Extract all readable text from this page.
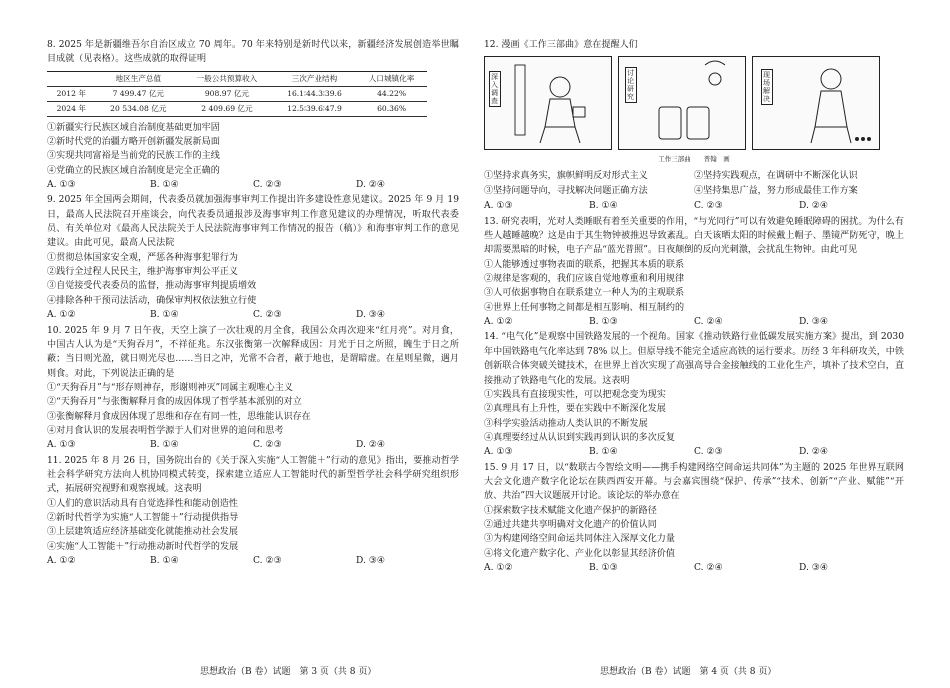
8. 2025 年是新疆维吾尔自治区成立 70 周年。70 年来特别是新时代以来，新疆经济发展创造举世瞩目成就（见表格）。这些成就的取得证明
	地区生产总值	一般公共预算收入	三次产业结构	人口城镇化率
2012 年	7 499.47 亿元	908.97 亿元	16.1∶44.3∶39.6	44.22%
2024 年	20 534.08 亿元	2 409.69 亿元	12.5∶39.6∶47.9	60.36%
①新疆实行民族区域自治制度基础更加牢固
②新时代党的治疆方略开创新疆发展新局面
③实现共同富裕是当前党的民族工作的主线
④党确立的民族区域自治制度是完全正确的
A. ①③	B. ①④	C. ②③	D. ②④
9. 2025 年全国两会期间，代表委员就加强海事审判工作提出许多建设性意见建议。2025 年 9 月 19 日，最高人民法院召开座谈会，向代表委员通报涉及海事审判工作意见建议的办理情况，听取代表委员、有关单位对《最高人民法院关于人民法院海事审判工作情况的报告（稿）》和海事审判工作的意见建议。由此可见，最高人民法院
①贯彻总体国家安全观，严惩各种海事犯罪行为
②践行全过程人民民主，维护海事审判公平正义
③自觉接受代表委员的监督，推动海事审判提质增效
④排除各种干预司法活动，确保审判权依法独立行使
A. ①②	B. ①④	C. ②③	D. ③④
10. 2025 年 9 月 7 日午夜，天空上演了一次壮观的月全食，我国公众再次迎来“红月亮”。对月食，中国古人认为是“天狗吞月”，不祥征兆。东汉张衡第一次解释成因：月光于日之所照，魄生于日之所蔽；当日则光盈，就日则光尽也……当日之冲，光常不合者，蔽于地也，是谓暗虚。在星则星微，遇月则食。对此，下列说法正确的是
①“天狗吞月”与“形存则神存，形谢则神灭”同属主观唯心主义
②“天狗吞月”与张衡解释月食的成因体现了哲学基本派别的对立
③张衡解释月食成因体现了思维和存在有同一性，思维能认识存在
④对月食认识的发展表明哲学源于人们对世界的追问和思考
A. ①③	B. ①④	C. ②③	D. ②④
11. 2025 年 8 月 26 日，国务院出台的《关于深入实施“人工智能＋”行动的意见》指出，要推动哲学社会科学研究方法向人机协同模式转变，探索建立适应人工智能时代的新型哲学社会科学研究组织形式，拓展研究视野和观察视域。这表明
①人们的意识活动具有自觉选择性和能动创造性
②新时代哲学为实施“人工智能＋”行动提供指导
③上层建筑适应经济基础变化就能推动社会发展
④实施“人工智能＋”行动推动新时代哲学的发展
A. ①②	B. ①④	C. ②③	D. ③④
12. 漫画《工作三部曲》意在提醒人们
深入调查
讨论研究
现场解决
工作三部曲　　普翰　画
①坚持求真务实，旗帜鲜明反对形式主义	②坚持实践观点，在调研中不断深化认识
③坚持问题导向，寻找解决问题正确方法	④坚持集思广益，努力形成最佳工作方案
A. ①③	B. ①④	C. ②③	D. ②④
13. 研究表明，光对人类睡眠有着至关重要的作用，“与光同行”可以有效避免睡眠障碍的困扰。为什么有些人越睡越晚？这是由于其生物钟被推迟导致紊乱。白天该晒太阳的时候戴上帽子、墨镜严防死守，晚上却需要黑暗的时候，电子产品“蓝光普照”。日夜颠倒的反向光刺激，会扰乱生物钟。由此可见
①人能够透过事物表面的联系，把握其本质的联系
②规律是客观的，我们应该自觉地尊重和利用规律
③人可依据事物自在联系建立一种人为的主观联系
④世界上任何事物之间都是相互影响、相互制约的
A. ①②	B. ①③	C. ②④	D. ③④
14. “电气化”是观察中国铁路发展的一个视角。国家《推动铁路行业低碳发展实施方案》提出，到 2030 年中国铁路电气化率达到 78% 以上。但原导线不能完全适应高铁的运行要求。历经 3 年科研攻关，中铁创新联合体突破关键技术，在世界上首次实现了高强高导合金接触线的工业化生产，填补了技术空白，直接推动了铁路电气化的发展。这表明
①实践具有直接现实性，可以把观念变为现实
②真理具有上升性，要在实践中不断深化发展
③科学实验活动推动人类认识的不断发展
④真理要经过从认识到实践再到认识的多次反复
A. ①③	B. ①④	C. ②③	D. ②④
15. 9 月 17 日，以“数联古今智绘文明——携手构建网络空间命运共同体”为主题的 2025 年世界互联网大会文化遗产数字化论坛在陕西西安开幕。与会嘉宾围绕“保护、传承”“技术、创新”“产业、赋能”“开放、共治”四大议题展开讨论。该论坛的举办意在
①探索数字技术赋能文化遗产保护的新路径
②通过共建共享明确对文化遗产的价值认同
③为构建网络空间命运共同体注入深厚文化力量
④将文化遗产数字化、产业化以彰显其经济价值
A. ①②	B. ①③	C. ②④	D. ③④
思想政治（B 卷）试题　第 3 页（共 8 页）	思想政治（B 卷）试题　第 4 页（共 8 页）
